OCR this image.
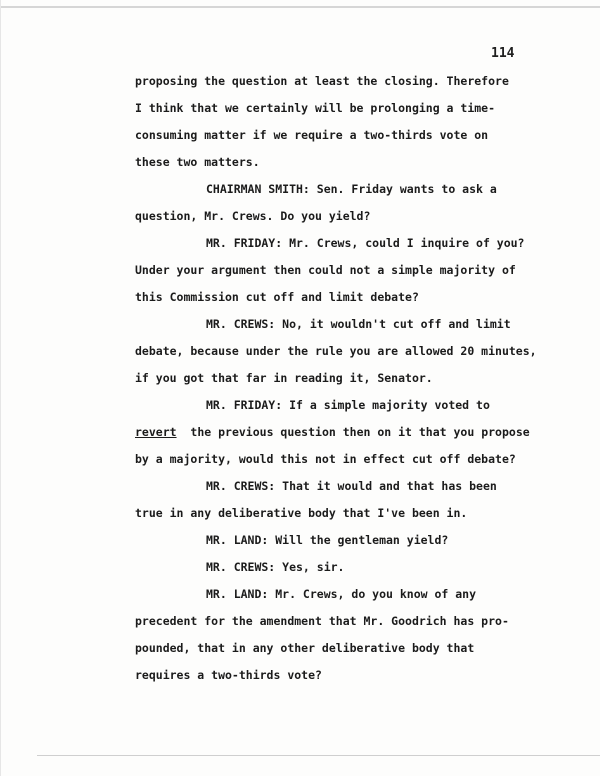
114
proposing the question at least the closing. Therefore
I think that we certainly will be prolonging a time-
consuming matter if we require a two-thirds vote on
these two matters.
CHAIRMAN SMITH: Sen. Friday wants to ask a
question, Mr. Crews. Do you yield?
MR. FRIDAY: Mr. Crews, could I inquire of you?
Under your argument then could not a simple majority of
this Commission cut off and limit debate?
MR. CREWS: No, it wouldn't cut off and limit
debate, because under the rule you are allowed 20 minutes,
if you got that far in reading it, Senator.
MR. FRIDAY: If a simple majority voted to
revert the previous question then on it that you propose
by a majority, would this not in effect cut off debate?
MR. CREWS: That it would and that has been
true in any deliberative body that I've been in.
MR. LAND: Will the gentleman yield?
MR. CREWS: Yes, sir.
MR. LAND: Mr. Crews, do you know of any
precedent for the amendment that Mr. Goodrich has pro-
pounded, that in any other deliberative body that
requires a two-thirds vote?
